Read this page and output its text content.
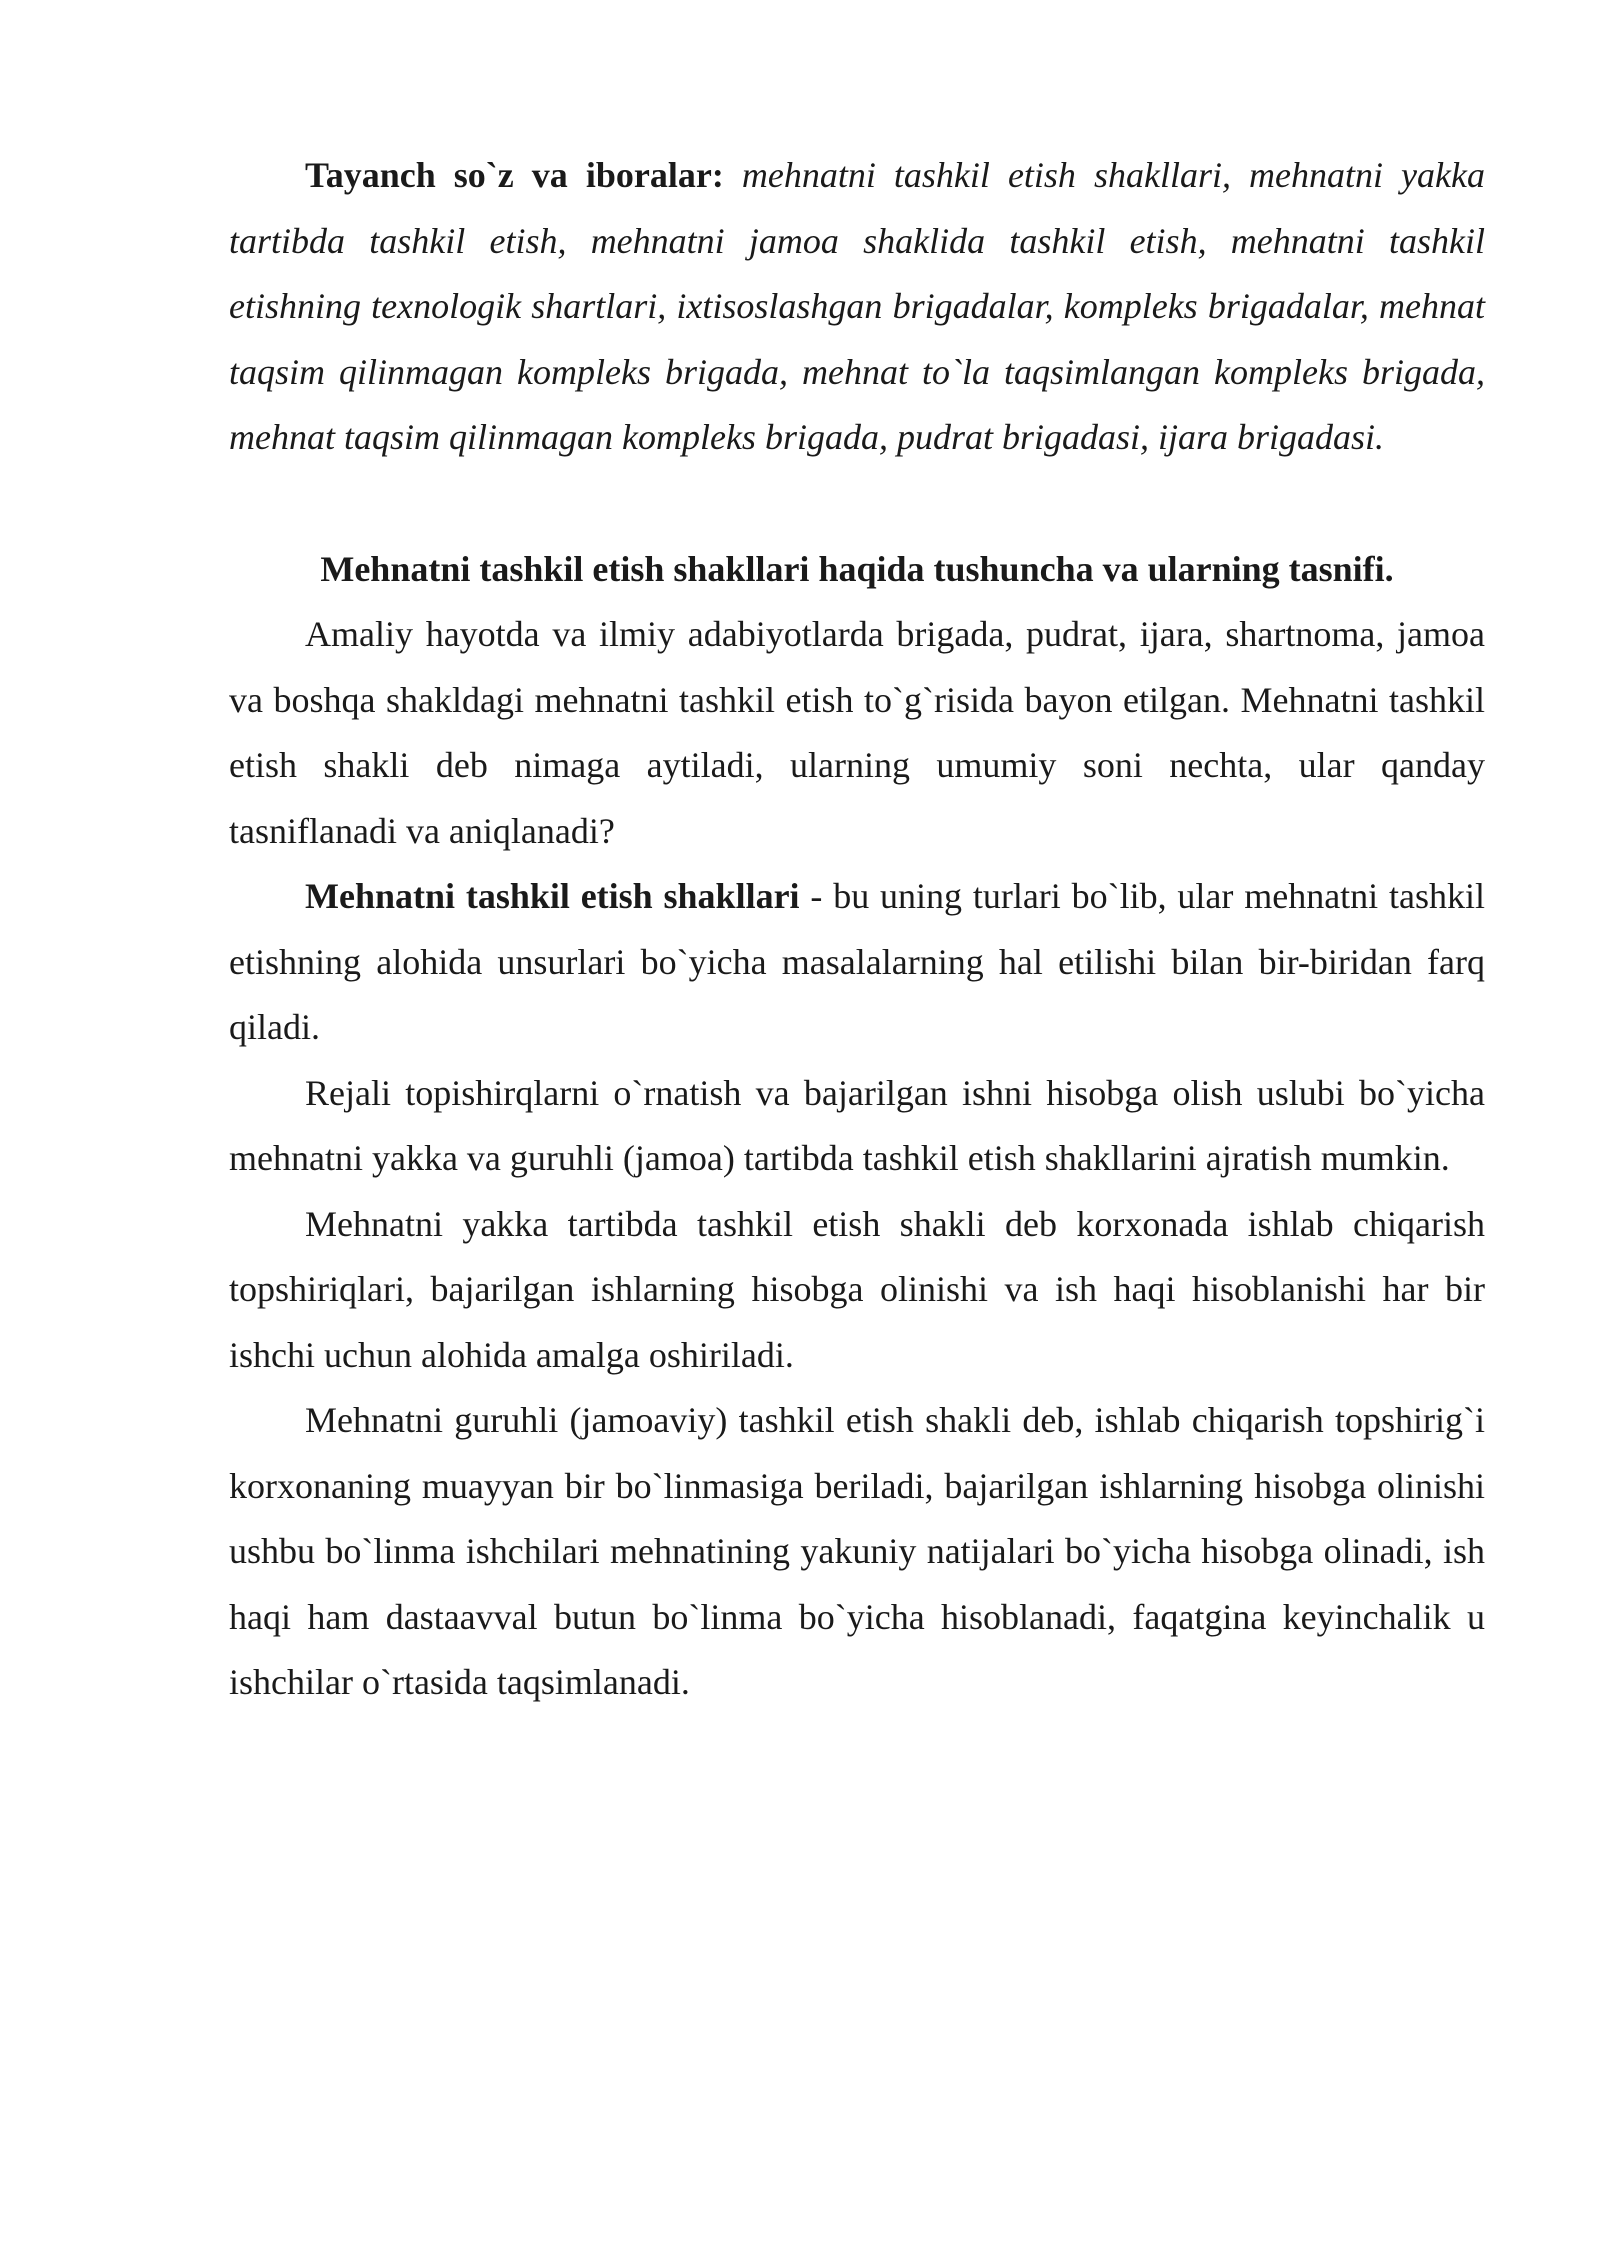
Tayanch so`z va iboralar: mehnatni tashkil etish shakllari, mehnatni yakka tartibda tashkil etish, mehnatni jamoa shaklida tashkil etish, mehnatni tashkil etishning texnologik shartlari, ixtisoslashgan brigadalar, kompleks brigadalar, mehnat taqsim qilinmagan kompleks brigada, mehnat to`la taqsimlangan kompleks brigada, mehnat taqsim qilinmagan kompleks brigada, pudrat brigadasi, ijara brigadasi.

Mehnatni tashkil etish shakllari haqida tushuncha va ularning tasnifi.

Amaliy hayotda va ilmiy adabiyotlarda brigada, pudrat, ijara, shartnoma, jamoa va boshqa shakldagi mehnatni tashkil etish to`g`risida bayon etilgan. Mehnatni tashkil etish shakli deb nimaga aytiladi, ularning umumiy soni nechta, ular qanday tasniflanadi va aniqlanadi?

Mehnatni tashkil etish shakllari - bu uning turlari bo`lib, ular mehnatni tashkil etishning alohida unsurlari bo`yicha masalalarning hal etilishi bilan bir-biridan farq qiladi.

Rejali topishirqlarni o`rnatish va bajarilgan ishni hisobga olish uslubi bo`yicha mehnatni yakka va guruhli (jamoa) tartibda tashkil etish shakllarini ajratish mumkin.

Mehnatni yakka tartibda tashkil etish shakli deb korxonada ishlab chiqarish topshiriqlari, bajarilgan ishlarning hisobga olinishi va ish haqi hisoblanishi har bir ishchi uchun alohida amalga oshiriladi.

Mehnatni guruhli (jamoaviy) tashkil etish shakli deb, ishlab chiqarish topshirig`i korxonaning muayyan bir bo`linmasiga beriladi, bajarilgan ishlarning hisobga olinishi ushbu bo`linma ishchilari mehnatining yakuniy natijalari bo`yicha hisobga olinadi, ish haqi ham dastaavval butun bo`linma bo`yicha hisoblanadi, faqatgina keyinchalik u ishchilar o`rtasida taqsimlanadi.
